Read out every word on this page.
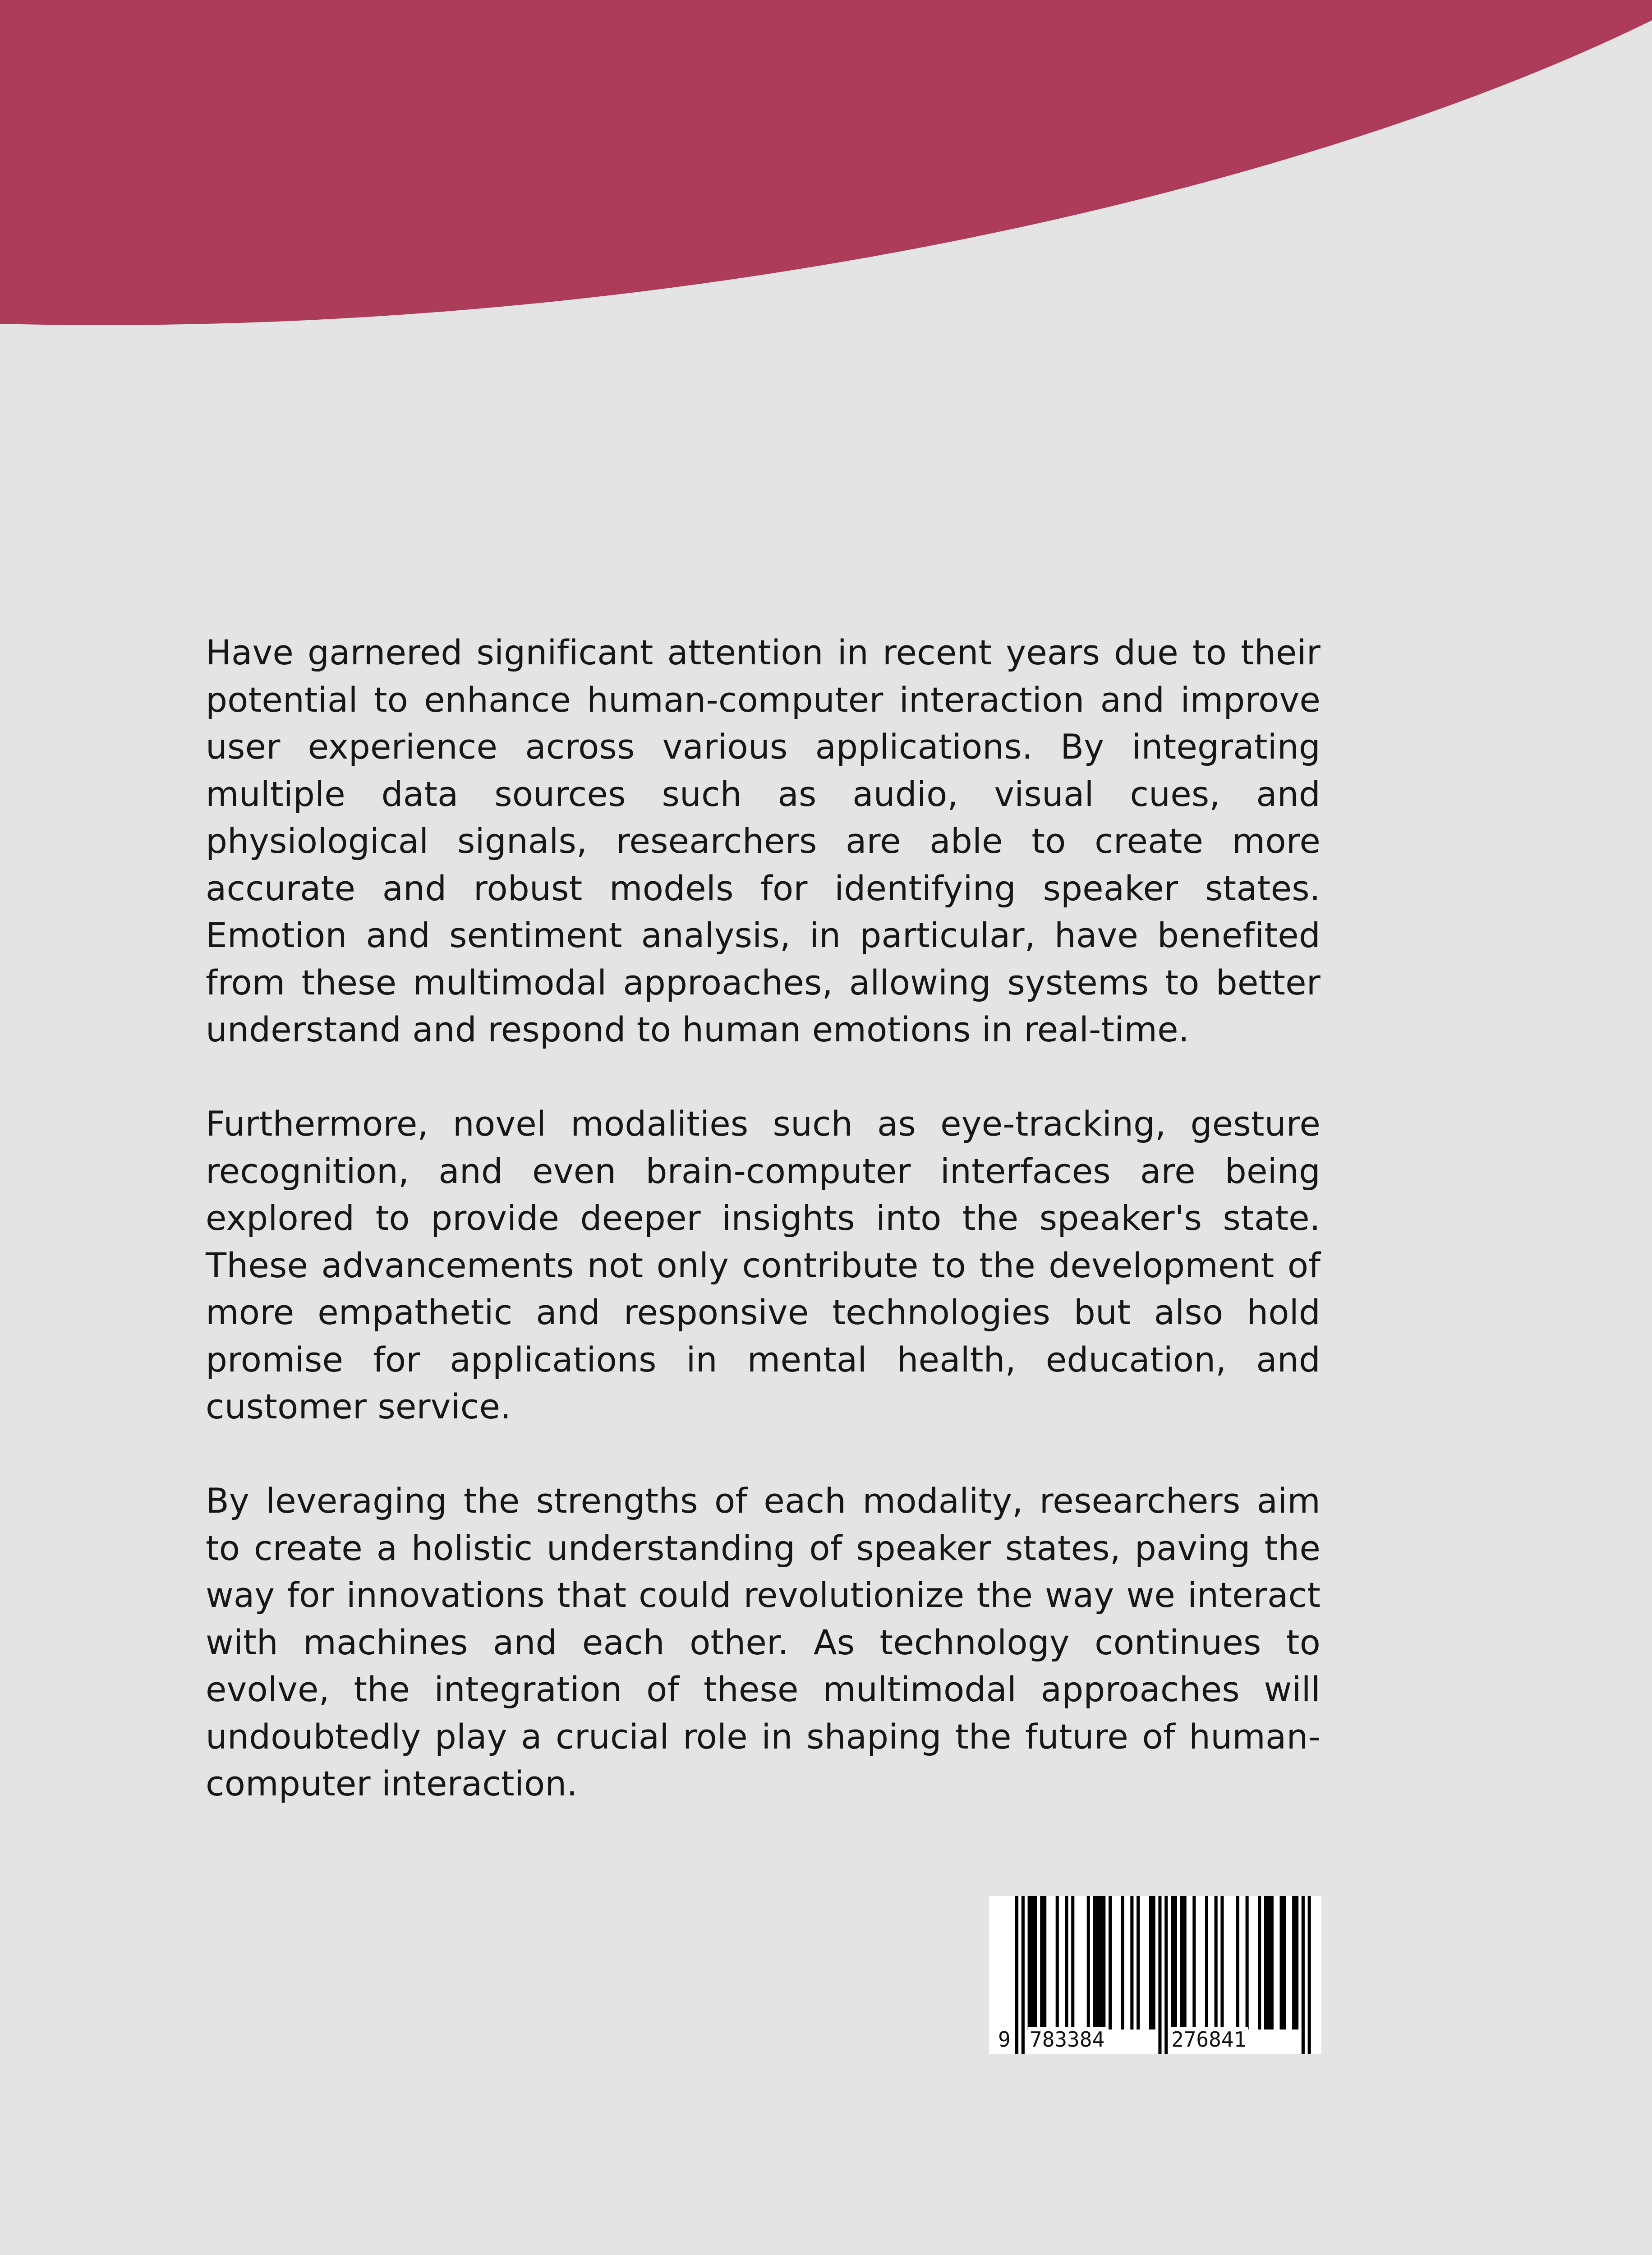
Have garnered significant attention in recent years due to their potential to enhance human-computer interaction and improve user experience across various applications. By integrating multiple data sources such as audio, visual cues, and physiological signals, researchers are able to create more accurate and robust models for identifying speaker states. Emotion and sentiment analysis, in particular, have benefited from these multimodal approaches, allowing systems to better understand and respond to human emotions in real-time.

Furthermore, novel modalities such as eye-tracking, gesture recognition, and even brain-computer interfaces are being explored to provide deeper insights into the speaker's state. These advancements not only contribute to the development of more empathetic and responsive technologies but also hold promise for applications in mental health, education, and customer service.

By leveraging the strengths of each modality, researchers aim to create a holistic understanding of speaker states, paving the way for innovations that could revolutionize the way we interact with machines and each other. As technology continues to evolve, the integration of these multimodal approaches will undoubtedly play a crucial role in shaping the future of human-computer interaction.

9 783384	276841
